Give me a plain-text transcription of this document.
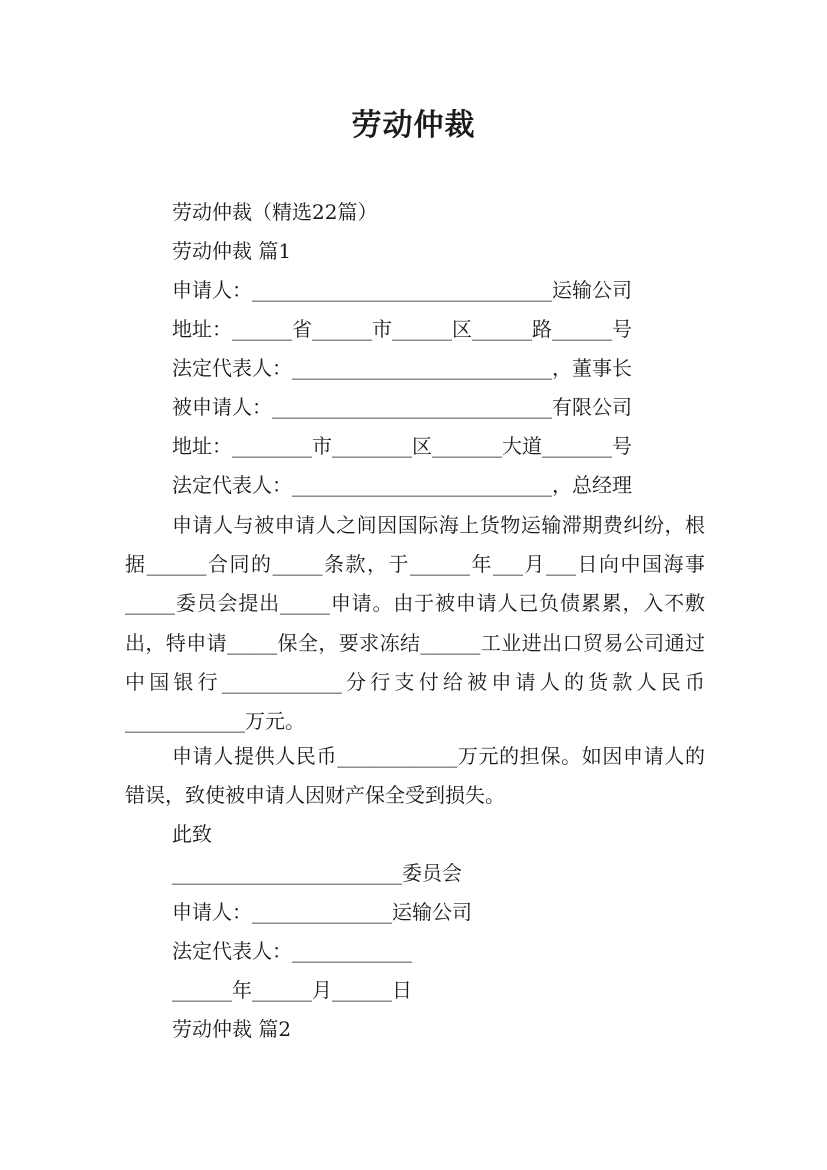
劳动仲裁
劳动仲裁（精选22篇）
劳动仲裁 篇1
申请人：______________________________运输公司
地址：______省______市______区______路______号
法定代表人：__________________________，董事长
被申请人：____________________________有限公司
地址：________市________区_______大道_______号
法定代表人：__________________________，总经理
申请人与被申请人之间因国际海上货物运输滞期费纠纷，根据______合同的_____条款，于______年___月___日向中国海事_____委员会提出_____申请。由于被申请人已负债累累，入不敷出，特申请_____保全，要求冻结______工业进出口贸易公司通过中国银行____________分行支付给被申请人的货款人民币____________万元。
申请人提供人民币____________万元的担保。如因申请人的错误，致使被申请人因财产保全受到损失。
此致
_______________________委员会
申请人：______________运输公司
法定代表人：____________
______年______月______日
劳动仲裁 篇2
